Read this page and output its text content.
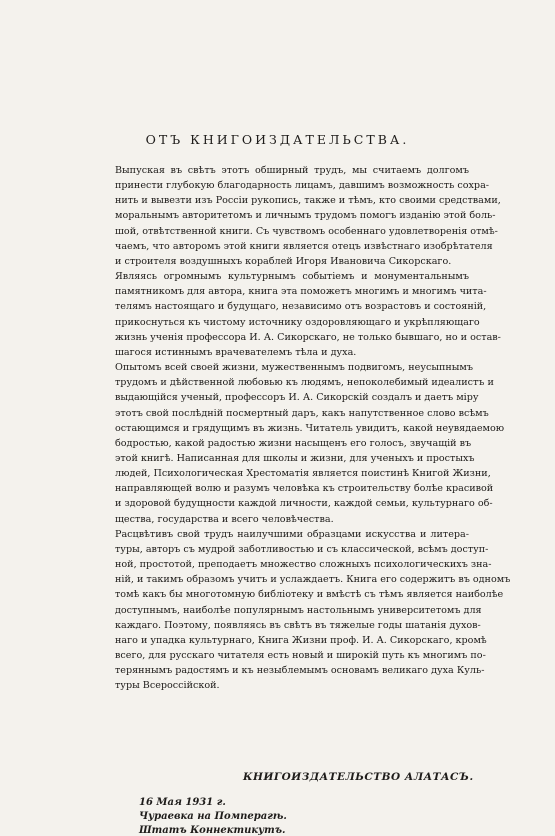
ОТЪ КНИГОИЗДАТЕЛЬСТВА.

Выпуская въ свѣтъ этотъ обширный трудъ, мы считаемъ долгомъ
принести глубокую благодарность лицамъ, давшимъ возможность сохра-
нить и вывезти изъ Россіи рукопись, также и тѣмъ, кто своими средствами,
моральнымъ авторитетомъ и личнымъ трудомъ помогъ изданію этой боль-
шой, отвѣтственной книги. Съ чувствомъ особеннаго удовлетворенія отмѣ-
чаемъ, что авторомъ этой книги является отецъ извѣстнаго изобрѣтателя
и строителя воздушныхъ кораблей Игоря Ивановича Сикорскаго.

Являясь огромнымъ культурнымъ событіемъ и монументальнымъ
памятникомъ для автора, книга эта поможетъ многимъ и многимъ чита-
телямъ настоящаго и будущаго, независимо отъ возрастовъ и состояній,
прикоснуться къ чистому источнику оздоровляющаго и укрѣпляющаго
жизнь ученія профессора И. А. Сикорскаго, не только бывшаго, но и остав-
шагося истиннымъ врачевателемъ тѣла и духа.

Опытомъ всей своей жизни, мужественнымъ подвигомъ, неусыпнымъ
трудомъ и дѣйственной любовью къ людямъ, непоколебимый идеалистъ и
выдающійся ученый, профессоръ И. А. Сикорскій создалъ и даетъ міру
этотъ свой послѣдній посмертный даръ, какъ напутственное слово всѣмъ
остающимся и грядущимъ въ жизнь. Читатель увидитъ, какой неувядаемою
бодростью, какой радостью жизни насыщенъ его голосъ, звучащій въ
этой книгѣ. Написанная для школы и жизни, для ученыхъ и простыхъ
людей, Психологическая Хрестоматія является поистинѣ Книгой Жизни,
направляющей волю и разумъ человѣка къ строительству болѣе красивой
и здоровой будущности каждой личности, каждой семьи, культурнаго об-
щества, государства и всего человѣчества.

Расцвѣтивъ свой трудъ наилучшими образцами искусства и литера-
туры, авторъ съ мудрой заботливостью и съ классической, всѣмъ доступ-
ной, простотой, преподаетъ множество сложныхъ психологическихъ зна-
ній, и такимъ образомъ учитъ и услаждаетъ. Книга его содержитъ въ одномъ
томѣ какъ бы многотомную библіотеку и вмѣстѣ съ тѣмъ является наиболѣе
доступнымъ, наиболѣе популярнымъ настольнымъ университетомъ для
каждаго. Поэтому, появляясь въ свѣтъ въ тяжелые годы шатанія духов-
наго и упадка культурнаго, Книга Жизни проф. И. А. Сикорскаго, кромѣ
всего, для русскаго читателя есть новый и широкій путь къ многимъ по-
теряннымъ радостямъ и къ незыблемымъ основамъ великаго духа Куль-
туры Всероссійской.

КНИГОИЗДАТЕЛЬСТВО АЛАТАСЪ.
16 Мая 1931 г.
Чураевка на Помперагѣ.
Штатъ Коннектикутъ.
